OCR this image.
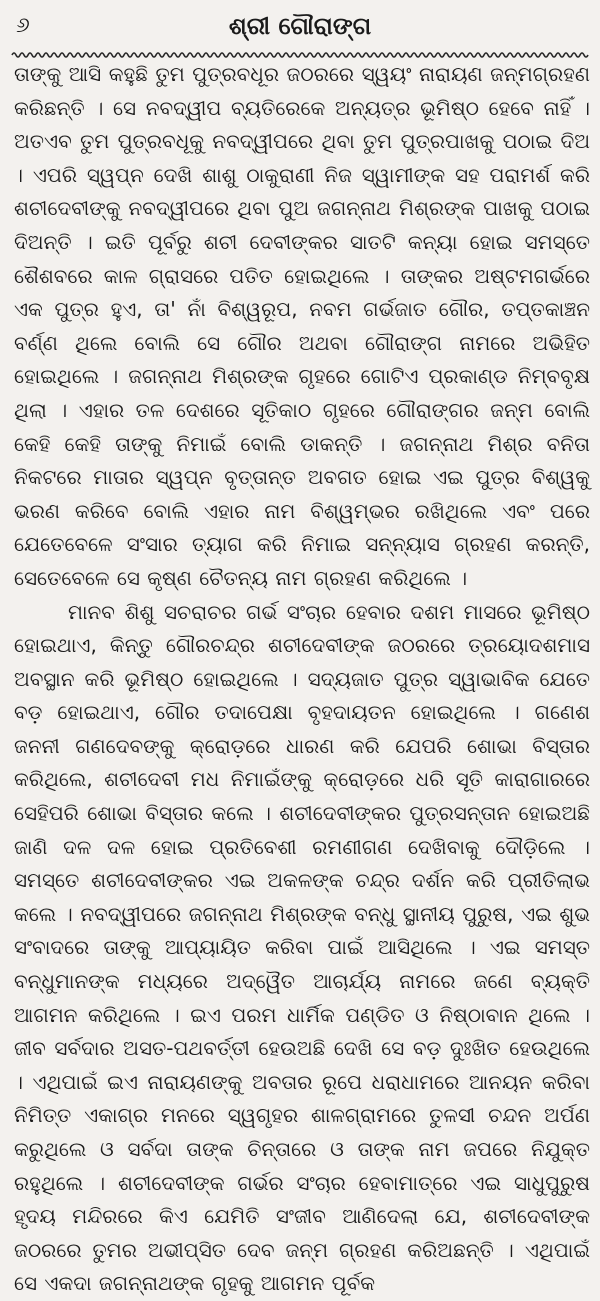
୬	ଶ୍ରୀ ଗୌରାଙ୍ଗ

ତାଙ୍କୁ ଆସି କହୁଛି ତୁମ ପୁତ୍ରବଧୂର ଜଠରରେ ସ୍ୱୟଂ ନାରାୟଣ ଜନ୍ମଗ୍ରହଣ କରିଛନ୍ତି । ସେ ନବଦ୍ୱୀପ ବ୍ୟତିରେକେ ଅନ୍ୟତ୍ର ଭୂମିଷ୍ଠ ହେବେ ନାହିଁ । ଅତଏବ ତୁମ ପୁତ୍ରବଧୂକୁ ନବଦ୍ୱୀପରେ ଥିବା ତୁମ ପୁତ୍ରପାଖକୁ ପଠାଇ ଦିଅ । ଏପରି ସ୍ୱପ୍ନ ଦେଖି ଶାଶୁ ଠାକୁରାଣୀ ନିଜ ସ୍ୱାମୀଙ୍କ ସହ ପରାମର୍ଶ କରି ଶଚୀଦେବୀଙ୍କୁ ନବଦ୍ୱୀପରେ ଥିବା ପୁଅ ଜଗନ୍ନାଥ ମିଶ୍ରଙ୍କ ପାଖକୁ ପଠାଇ ଦିଅନ୍ତି । ଇତି ପୂର୍ବରୁ ଶଚୀ ଦେବୀଙ୍କର ସାତଟି କନ୍ୟା ହୋଇ ସମସ୍ତେ ଶୈଶବରେ କାଳ ଗ୍ରାସରେ ପତିତ ହୋଇଥିଲେ । ତାଙ୍କର ଅଷ୍ଟମଗର୍ଭରେ ଏକ ପୁତ୍ର ହୁଏ, ତା' ନାଁ ବିଶ୍ୱରୂପ, ନବମ ଗର୍ଭଜାତ ଗୌର, ତପ୍ତକାଞ୍ଚନ ବର୍ଣ୍ଣ ଥିଲେ ବୋଲି ସେ ଗୌର ଅଥବା ଗୌରାଙ୍ଗ ନାମରେ ଅଭିହିତ ହୋଇଥିଲେ । ଜଗନ୍ନାଥ ମିଶ୍ରଙ୍କ ଗୃହରେ ଗୋଟିଏ ପ୍ରକାଣ୍ଡ ନିମ୍ବବୃକ୍ଷ ଥିଲା । ଏହାର ତଳ ଦେଶରେ ସୂତିକାଠ ଗୃହରେ ଗୌରାଙ୍ଗର ଜନ୍ମ ବୋଲି କେହି କେହି ତାଙ୍କୁ ନିମାଇଁ ବୋଲି ଡାକନ୍ତି । ଜଗନ୍ନାଥ ମିଶ୍ର ବନିତା ନିକଟରେ ମାତାର ସ୍ୱପ୍ନ ବୃତ୍ତାନ୍ତ ଅବଗତ ହୋଇ ଏଇ ପୁତ୍ର ବିଶ୍ୱକୁ ଭରଣ କରିବେ ବୋଲି ଏହାର ନାମ ବିଶ୍ୱମ୍ଭର ରଖିଥିଲେ ଏବଂ ପରେ ଯେତେବେଳେ ସଂସାର ତ୍ୟାଗ କରି ନିମାଇ ସନ୍ନ୍ୟାସ ଗ୍ରହଣ କରନ୍ତି, ସେତେବେଳେ ସେ କୃଷ୍ଣ ଚୈତନ୍ୟ ନାମ ଗ୍ରହଣ କରିଥିଲେ ।

ମାନବ ଶିଶୁ ସଚରାଚର ଗର୍ଭ ସଂଚାର ହେବାର ଦଶମ ମାସରେ ଭୂମିଷ୍ଠ ହୋଇଥାଏ, କିନ୍ତୁ ଗୌରଚନ୍ଦ୍ର ଶଚୀଦେବୀଙ୍କ ଜଠରରେ ତ୍ରୟୋଦଶମାସ ଅବସ୍ଥାନ କରି ଭୂମିଷ୍ଠ ହୋଇଥିଲେ । ସଦ୍ୟଜାତ ପୁତ୍ର ସ୍ୱାଭାବିକ ଯେତେ ବଡ଼ ହୋଇଥାଏ, ଗୌର ତଦାପେକ୍ଷା ବୃହଦାୟତନ ହୋଇଥିଲେ । ଗଣେଶ ଜନନୀ ଗଣଦେବଙ୍କୁ କ୍ରୋଡ଼ରେ ଧାରଣ କରି ଯେପରି ଶୋଭା ବିସ୍ତାର କରିଥିଲେ, ଶଚୀଦେବୀ ମଧ ନିମାଇଁଙ୍କୁ କ୍ରୋଡ଼ରେ ଧରି ସୂତି କାରାଗାରରେ ସେହିପରି ଶୋଭା ବିସ୍ତାର କଲେ । ଶଚୀଦେବୀଙ୍କର ପୁତ୍ରସନ୍ତାନ ହୋଇଅଛି ଜାଣି ଦଳ ଦଳ ହୋଇ ପ୍ରତିବେଶୀ ରମଣୀଗଣ ଦେଖିବାକୁ ଦୌଡ଼ିଲେ । ସମସ୍ତେ ଶଚୀଦେବୀଙ୍କର ଏଇ ଅକଳଙ୍କ ଚନ୍ଦ୍ର ଦର୍ଶନ କରି ପ୍ରୀତିଲାଭ କଲେ । ନବଦ୍ୱୀପରେ ଜଗନ୍ନାଥ ମିଶ୍ରଙ୍କ ବନ୍ଧୁ ସ୍ଥାନୀୟ ପୁରୁଷ, ଏଇ ଶୁଭ ସଂବାଦରେ ତାଙ୍କୁ ଆପ୍ୟାୟିତ କରିବା ପାଇଁ ଆସିଥିଲେ । ଏଇ ସମସ୍ତ ବନ୍ଧୁମାନଙ୍କ ମଧ୍ୟରେ ଅଦ୍ୱୈତ ଆଚାର୍ଯ୍ୟ ନାମରେ ଜଣେ ବ୍ୟକ୍ତି ଆଗମନ କରିଥିଲେ । ଇଏ ପରମ ଧାର୍ମିକ ପଣ୍ଡିତ ଓ ନିଷ୍ଠାବାନ ଥିଲେ । ଜୀବ ସର୍ବଦାର ଅସତ-ପଥବର୍ତ୍ତୀ ହେଉଅଛି ଦେଖି ସେ ବଡ଼ ଦୁଃଖିତ ହେଉଥିଲେ । ଏଥିପାଇଁ ଇଏ ନାରାୟଣଙ୍କୁ ଅବତାର ରୂପେ ଧରାଧାମରେ ଆନୟନ କରିବା ନିମିତ୍ତ ଏକାଗ୍ର ମନରେ ସ୍ୱଗୃହର ଶାଳଗ୍ରାମରେ ତୁଳସୀ ଚନ୍ଦନ ଅର୍ପଣ କରୁଥିଲେ ଓ ସର୍ବଦା ତାଙ୍କ ଚିନ୍ତାରେ ଓ ତାଙ୍କ ନାମ ଜପରେ ନିଯୁକ୍ତ ରହୁଥିଲେ । ଶଚୀଦେବୀଙ୍କ ଗର୍ଭର ସଂଚାର ହେବାମାତ୍ରେ ଏଇ ସାଧୁପୁରୁଷ ହୃଦୟ ମନ୍ଦିରରେ କିଏ ଯେମିତି ସଂଜୀବ ଆଣିଦେଲା ଯେ, ଶଚୀଦେବୀଙ୍କ ଜଠରରେ ତୁମର ଅଭୀପ୍ସିତ ଦେବ ଜନ୍ମ ଗ୍ରହଣ କରିଅଛନ୍ତି । ଏଥିପାଇଁ ସେ ଏକଦା ଜଗନ୍ନାଥଙ୍କ ଗୃହକୁ ଆଗମନ ପୂର୍ବକ
